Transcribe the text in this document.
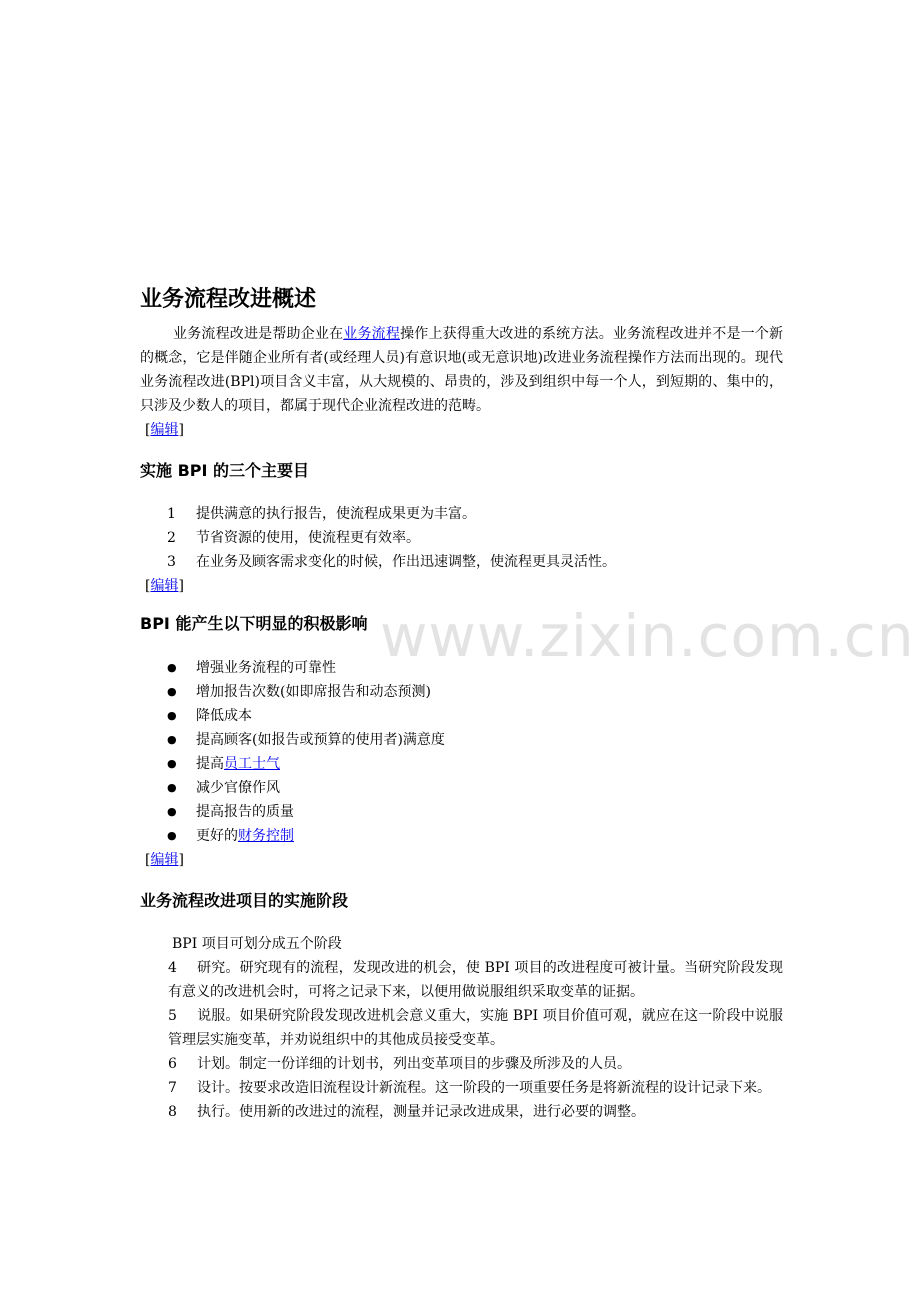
www.zixin.com.cn
业务流程改进概述

业务流程改进是帮助企业在业务流程操作上获得重大改进的系统方法。业务流程改进并不是一个新的概念，它是伴随企业所有者(或经理人员)有意识地(或无意识地)改进业务流程操作方法而出现的。现代业务流程改进(BPl)项目含义丰富，从大规模的、昂贵的，涉及到组织中每一个人，到短期的、集中的，只涉及少数人的项目，都属于现代企业流程改进的范畴。

[编辑]
实施 BPI 的三个主要目
1	提供满意的执行报告，使流程成果更为丰富。
2	节省资源的使用，使流程更有效率。
3	在业务及顾客需求变化的时候，作出迅速调整，使流程更具灵活性。
[编辑]
BPI 能产生以下明显的积极影响
●	增强业务流程的可靠性
●	增加报告次数(如即席报告和动态预测)
●	降低成本
●	提高顾客(如报告或预算的使用者)满意度
●	提高员工士气
●	减少官僚作风
●	提高报告的质量
●	更好的财务控制
[编辑]
业务流程改进项目的实施阶段

BPI 项目可划分成五个阶段

4 研究。研究现有的流程，发现改进的机会，使 BPI 项目的改进程度可被计量。当研究阶段发现有意义的改进机会时，可将之记录下来，以便用做说服组织采取变革的证据。

5 说服。如果研究阶段发现改进机会意义重大，实施 BPI 项目价值可观，就应在这一阶段中说服管理层实施变革，并劝说组织中的其他成员接受变革。

6 计划。制定一份详细的计划书，列出变革项目的步骤及所涉及的人员。

7 设计。按要求改造旧流程设计新流程。这一阶段的一项重要任务是将新流程的设计记录下来。

8 执行。使用新的改进过的流程，测量并记录改进成果，进行必要的调整。
